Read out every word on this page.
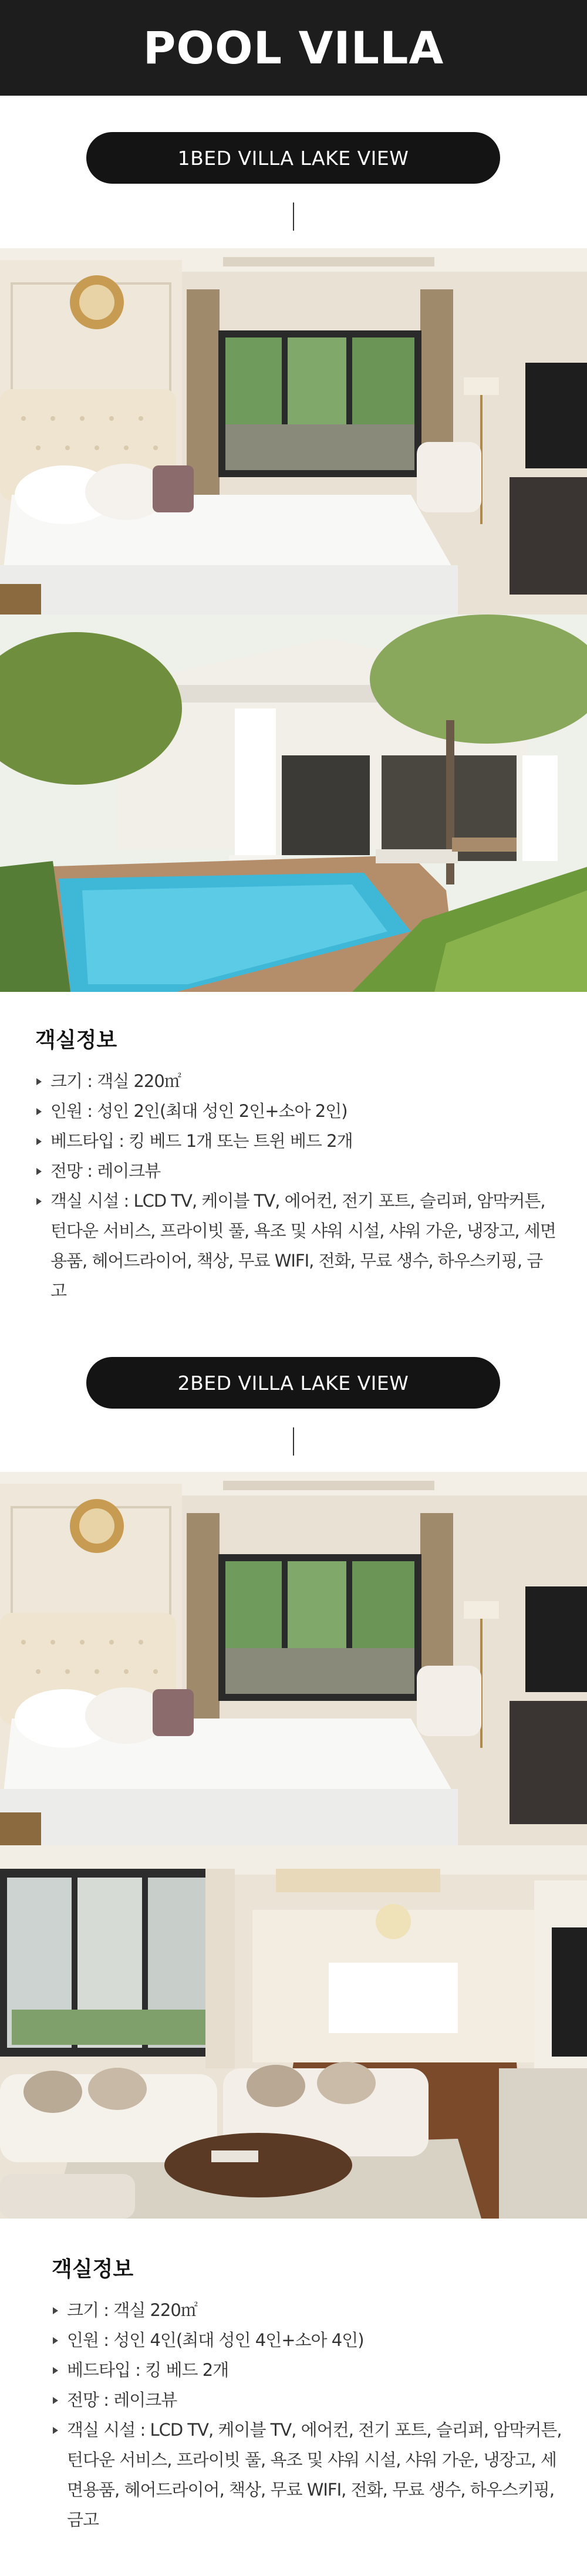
POOL VILLA
1BED VILLA LAKE VIEW
객실정보
크기 : 객실 220㎡
인원 : 성인 2인(최대 성인 2인+소아 2인)
베드타입 : 킹 베드 1개 또는 트윈 베드 2개
전망 : 레이크뷰
객실 시설 : LCD TV, 케이블 TV, 에어컨, 전기 포트, 슬리퍼, 암막커튼, 턴다운 서비스, 프라이빗 풀, 욕조 및 샤워 시설, 샤워 가운, 냉장고, 세면용품, 헤어드라이어, 책상, 무료 WIFI, 전화, 무료 생수, 하우스키핑, 금고
2BED VILLA LAKE VIEW
객실정보
크기 : 객실 220㎡
인원 : 성인 4인(최대 성인 4인+소아 4인)
베드타입 : 킹 베드 2개
전망 : 레이크뷰
객실 시설 : LCD TV, 케이블 TV, 에어컨, 전기 포트, 슬리퍼, 암막커튼, 턴다운 서비스, 프라이빗 풀, 욕조 및 샤워 시설, 샤워 가운, 냉장고, 세면용품, 헤어드라이어, 책상, 무료 WIFI, 전화, 무료 생수, 하우스키핑, 금고
